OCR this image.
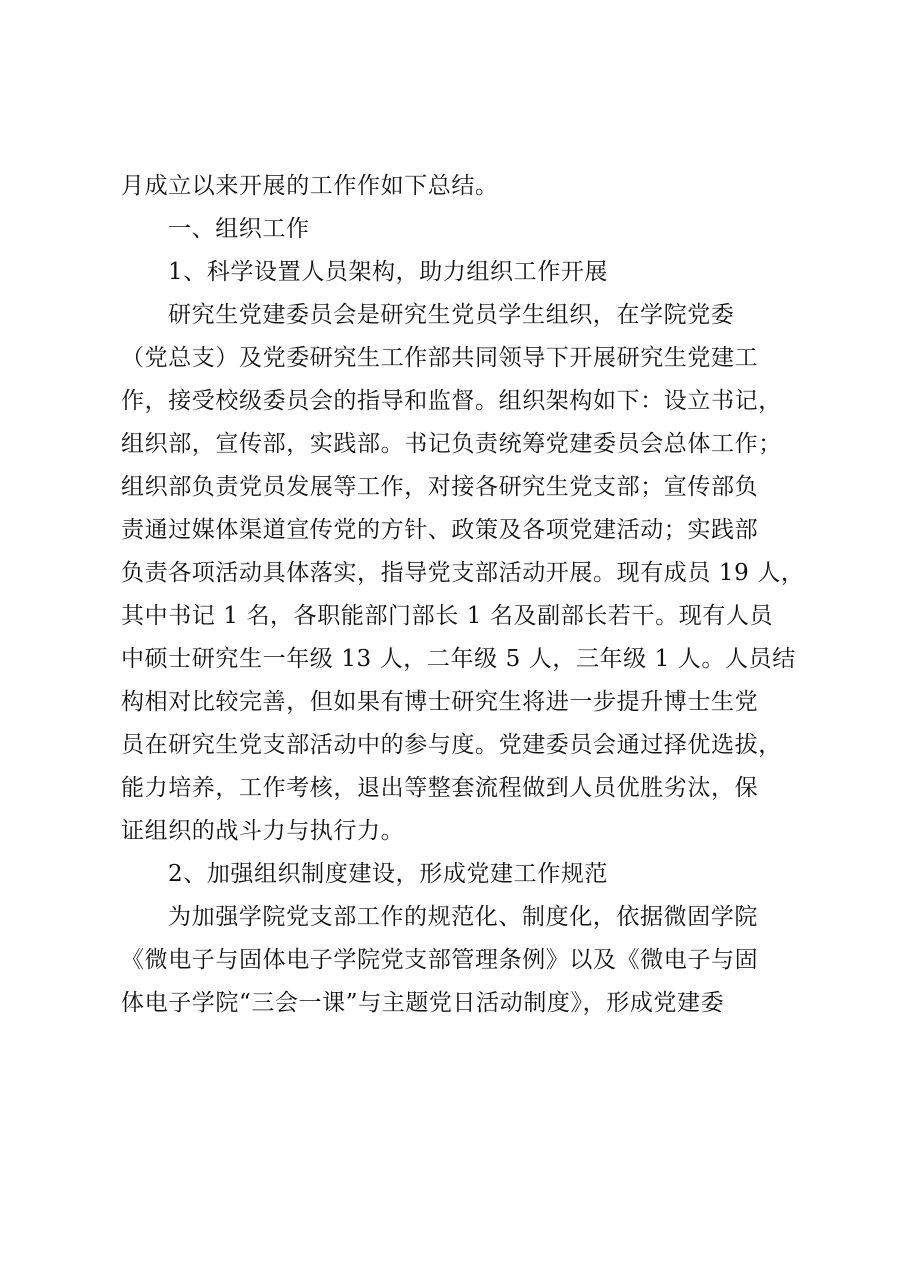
月成立以来开展的工作作如下总结。
一、组织工作
1、科学设置人员架构，助力组织工作开展
研究生党建委员会是研究生党员学生组织，在学院党委
（党总支）及党委研究生工作部共同领导下开展研究生党建工
作，接受校级委员会的指导和监督。组织架构如下：设立书记，
组织部，宣传部，实践部。书记负责统筹党建委员会总体工作；
组织部负责党员发展等工作，对接各研究生党支部；宣传部负
责通过媒体渠道宣传党的方针、政策及各项党建活动；实践部
负责各项活动具体落实，指导党支部活动开展。现有成员 19 人，
其中书记 1 名，各职能部门部长 1 名及副部长若干。现有人员
中硕士研究生一年级 13 人，二年级 5 人，三年级 1 人。人员结
构相对比较完善，但如果有博士研究生将进一步提升博士生党
员在研究生党支部活动中的参与度。党建委员会通过择优选拔，
能力培养，工作考核，退出等整套流程做到人员优胜劣汰，保
证组织的战斗力与执行力。
2、加强组织制度建设，形成党建工作规范
为加强学院党支部工作的规范化、制度化，依据微固学院
《微电子与固体电子学院党支部管理条例》以及《微电子与固
体电子学院“三会一课”与主题党日活动制度》，形成党建委
